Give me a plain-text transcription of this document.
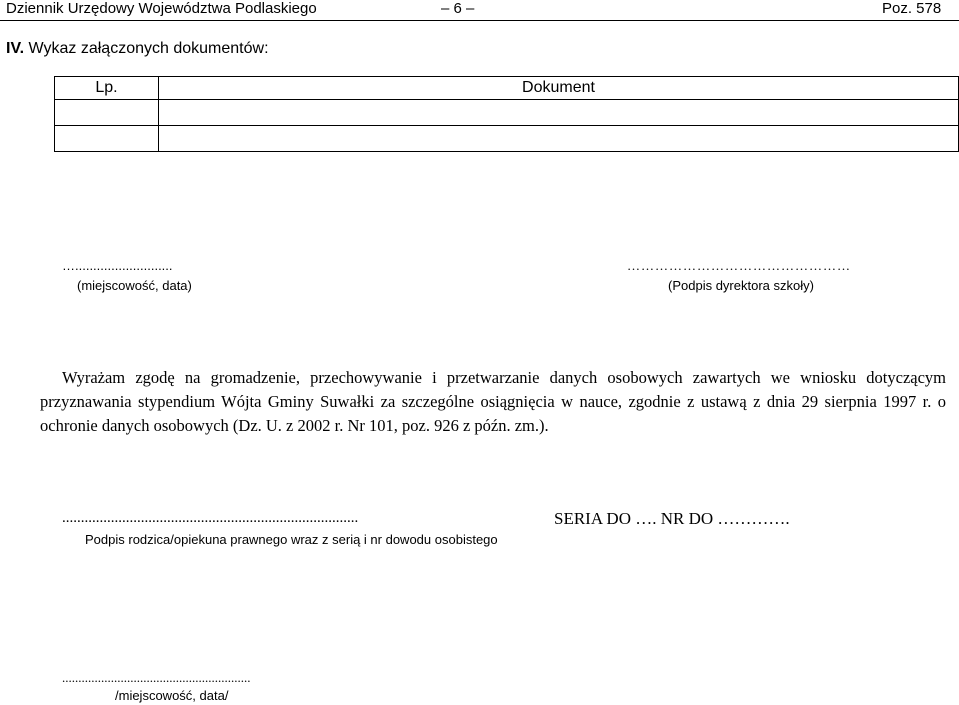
Dziennik Urzędowy Województwa Podlaskiego	– 6 –	Poz. 578
IV. Wykaz załączonych dokumentów:
Lp.	Dokument

…...........................
(miejscowość, data)
…………………………………………
(Podpis dyrektora szkoły)
Wyrażam zgodę na gromadzenie, przechowywanie i przetwarzanie danych osobowych zawartych we wniosku dotyczącym przyznawania stypendium Wójta Gminy Suwałki za szczególne osiągnięcia w nauce, zgodnie z ustawą z dnia 29 sierpnia 1997 r. o ochronie danych osobowych (Dz. U. z 2002 r. Nr 101, poz. 926 z późn. zm.).
...............................................................................
Podpis rodzica/opiekuna prawnego wraz z serią i nr dowodu osobistego
SERIA DO …. NR DO ………….
..........................................................
/miejscowość, data/
